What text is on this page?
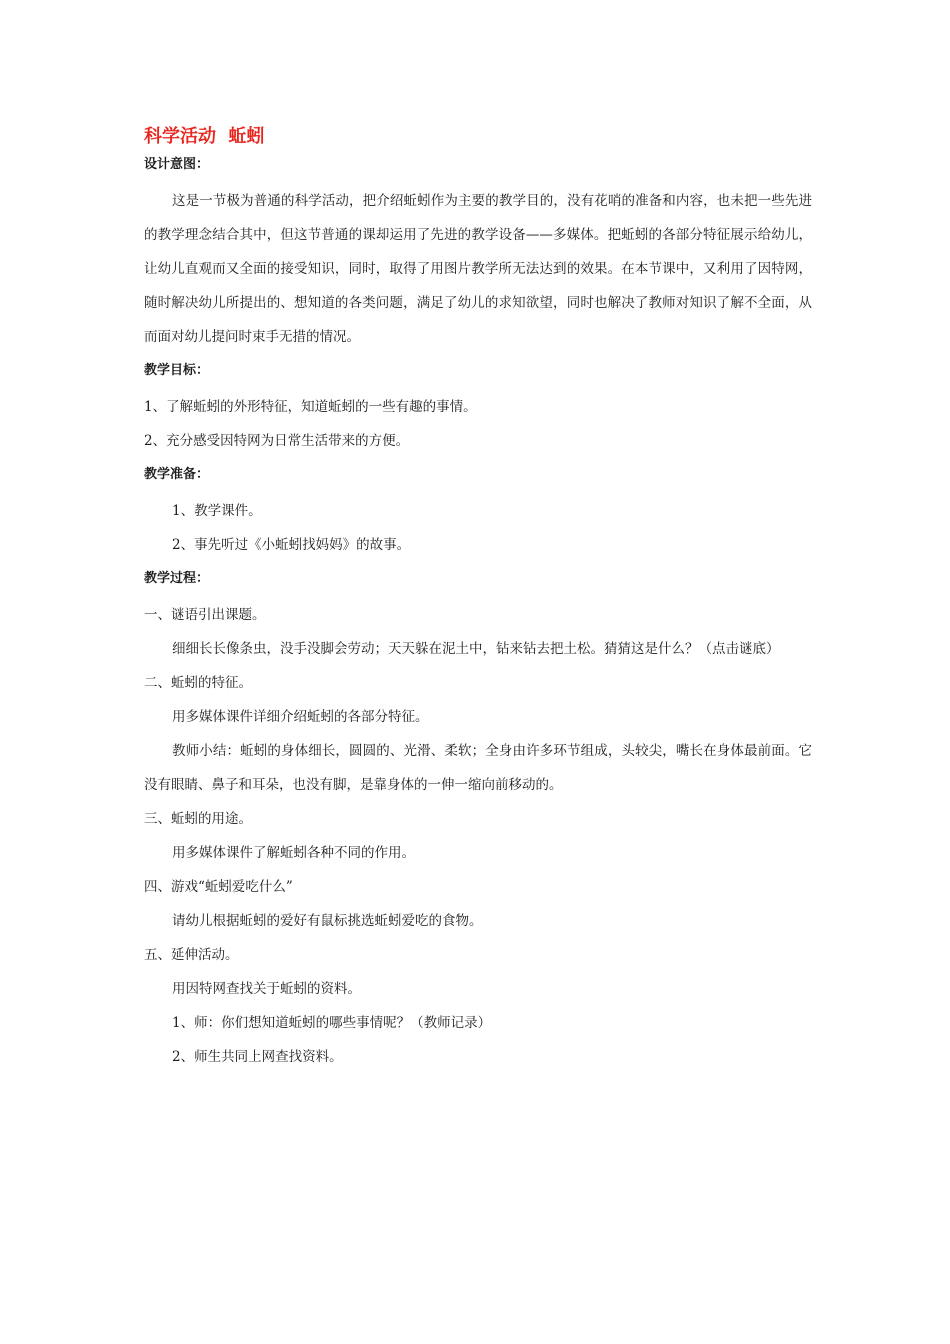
科学活动  蚯蚓
设计意图：

这是一节极为普通的科学活动，把介绍蚯蚓作为主要的教学目的，没有花哨的准备和内容，也未把一些先进的教学理念结合其中，但这节普通的课却运用了先进的教学设备——多媒体。把蚯蚓的各部分特征展示给幼儿，让幼儿直观而又全面的接受知识，同时，取得了用图片教学所无法达到的效果。在本节课中，又利用了因特网，随时解决幼儿所提出的、想知道的各类问题，满足了幼儿的求知欲望，同时也解决了教师对知识了解不全面，从而面对幼儿提问时束手无措的情况。

教学目标：

1、了解蚯蚓的外形特征，知道蚯蚓的一些有趣的事情。

2、充分感受因特网为日常生活带来的方便。

教学准备：

1、教学课件。

2、事先听过《小蚯蚓找妈妈》的故事。

教学过程：

一、谜语引出课题。

细细长长像条虫，没手没脚会劳动；天天躲在泥土中，钻来钻去把土松。猜猜这是什么？（点击谜底）

二、蚯蚓的特征。

用多媒体课件详细介绍蚯蚓的各部分特征。

教师小结：蚯蚓的身体细长，圆圆的、光滑、柔软；全身由许多环节组成，头较尖，嘴长在身体最前面。它没有眼睛、鼻子和耳朵，也没有脚，是靠身体的一伸一缩向前移动的。

三、蚯蚓的用途。

用多媒体课件了解蚯蚓各种不同的作用。

四、游戏“蚯蚓爱吃什么”

请幼儿根据蚯蚓的爱好有鼠标挑选蚯蚓爱吃的食物。

五、延伸活动。

用因特网查找关于蚯蚓的资料。

1、师：你们想知道蚯蚓的哪些事情呢？（教师记录）

2、师生共同上网查找资料。
